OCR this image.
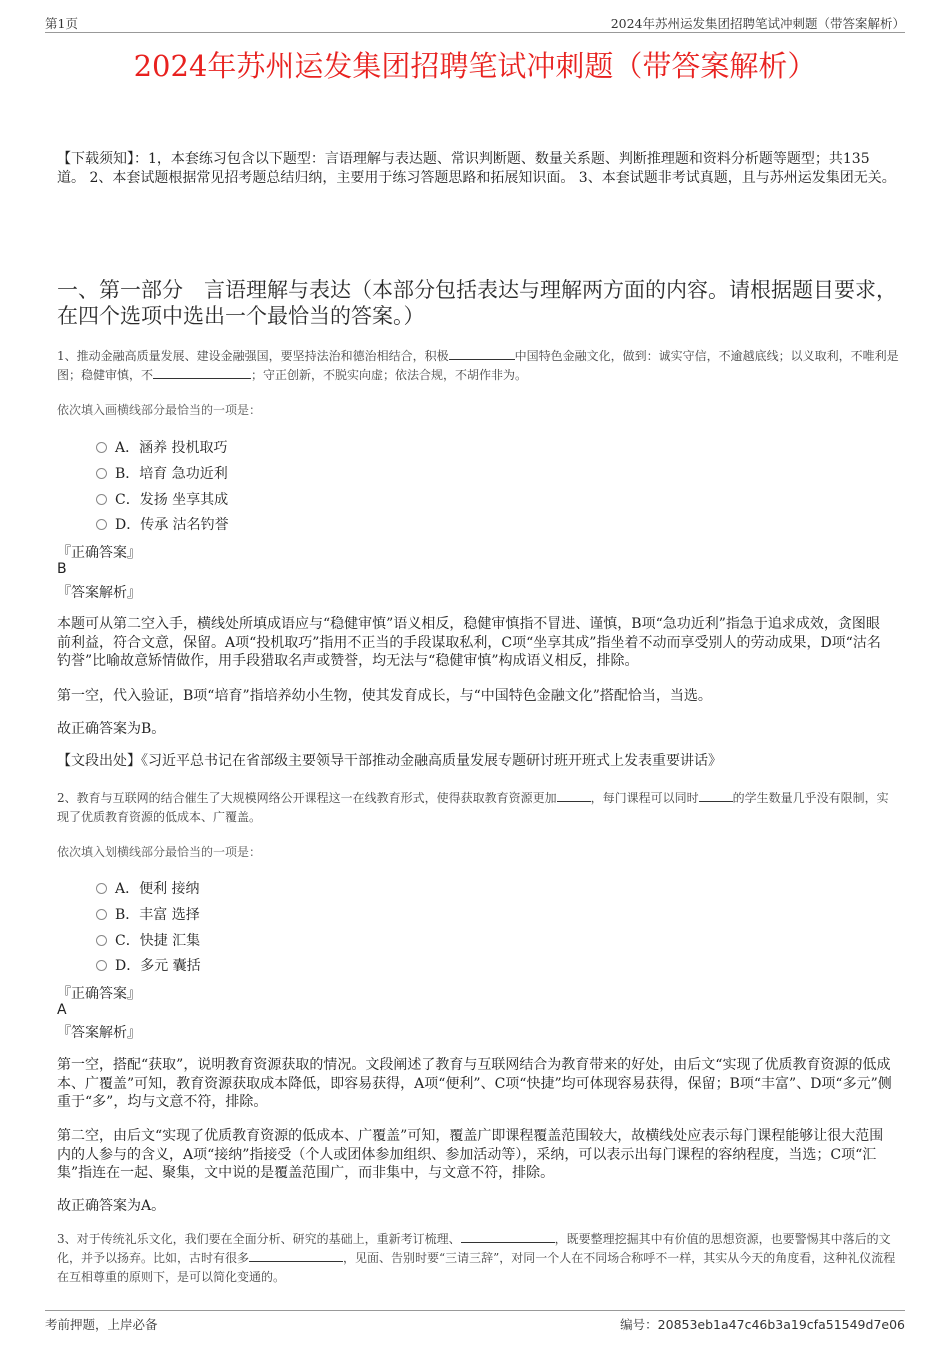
第1页	2024年苏州运发集团招聘笔试冲刺题（带答案解析）
2024年苏州运发集团招聘笔试冲刺题（带答案解析）
【下载须知】：1，本套练习包含以下题型：言语理解与表达题、常识判断题、数量关系题、判断推理题和资料分析题等题型；共135道。 2、本套试题根据常见招考题总结归纳，主要用于练习答题思路和拓展知识面。 3、本套试题非考试真题，且与苏州运发集团无关。
一、第一部分　言语理解与表达（本部分包括表达与理解两方面的内容。请根据题目要求，在四个选项中选出一个最恰当的答案。）
1、推动金融高质量发展、建设金融强国，要坚持法治和德治相结合，积极	中国特色金融文化，做到：诚实守信，不逾越底线；以义取利，不唯利是图；稳健审慎，不	；守正创新，不脱实向虚；依法合规，不胡作非为。
依次填入画横线部分最恰当的一项是：
A．涵养 投机取巧
B．培育 急功近利
C．发扬 坐享其成
D．传承 沽名钓誉
『正确答案』
B
『答案解析』
本题可从第二空入手，横线处所填成语应与“稳健审慎”语义相反，稳健审慎指不冒进、谨慎，B项“急功近利”指急于追求成效，贪图眼前利益，符合文意，保留。A项“投机取巧”指用不正当的手段谋取私利，C项“坐享其成”指坐着不动而享受别人的劳动成果，D项“沽名钓誉”比喻故意矫情做作，用手段猎取名声或赞誉，均无法与“稳健审慎”构成语义相反，排除。
第一空，代入验证，B项“培育”指培养幼小生物，使其发育成长，与“中国特色金融文化”搭配恰当，当选。
故正确答案为B。
【文段出处】《习近平总书记在省部级主要领导干部推动金融高质量发展专题研讨班开班式上发表重要讲话》
2、教育与互联网的结合催生了大规模网络公开课程这一在线教育形式，使得获取教育资源更加	，每门课程可以同时	的学生数量几乎没有限制，实现了优质教育资源的低成本、广覆盖。
依次填入划横线部分最恰当的一项是：
A．便利 接纳
B．丰富 选择
C．快捷 汇集
D．多元 囊括
『正确答案』
A
『答案解析』
第一空，搭配“获取”，说明教育资源获取的情况。文段阐述了教育与互联网结合为教育带来的好处，由后文“实现了优质教育资源的低成本、广覆盖”可知，教育资源获取成本降低，即容易获得，A项“便利”、C项“快捷”均可体现容易获得，保留；B项“丰富”、D项“多元”侧重于“多”，均与文意不符，排除。
第二空，由后文“实现了优质教育资源的低成本、广覆盖”可知，覆盖广即课程覆盖范围较大，故横线处应表示每门课程能够让很大范围内的人参与的含义，A项“接纳”指接受（个人或团体参加组织、参加活动等），采纳，可以表示出每门课程的容纳程度，当选；C项“汇集”指连在一起、聚集，文中说的是覆盖范围广，而非集中，与文意不符，排除。
故正确答案为A。
3、对于传统礼乐文化，我们要在全面分析、研究的基础上，重新考订梳理、	，既要整理挖掘其中有价值的思想资源，也要警惕其中落后的文化，并予以扬弃。比如，古时有很多	，见面、告别时要“三请三辞”，对同一个人在不同场合称呼不一样，其实从今天的角度看，这种礼仪流程在互相尊重的原则下，是可以简化变通的。
考前押题，上岸必备	编号：20853eb1a47c46b3a19cfa51549d7e06
